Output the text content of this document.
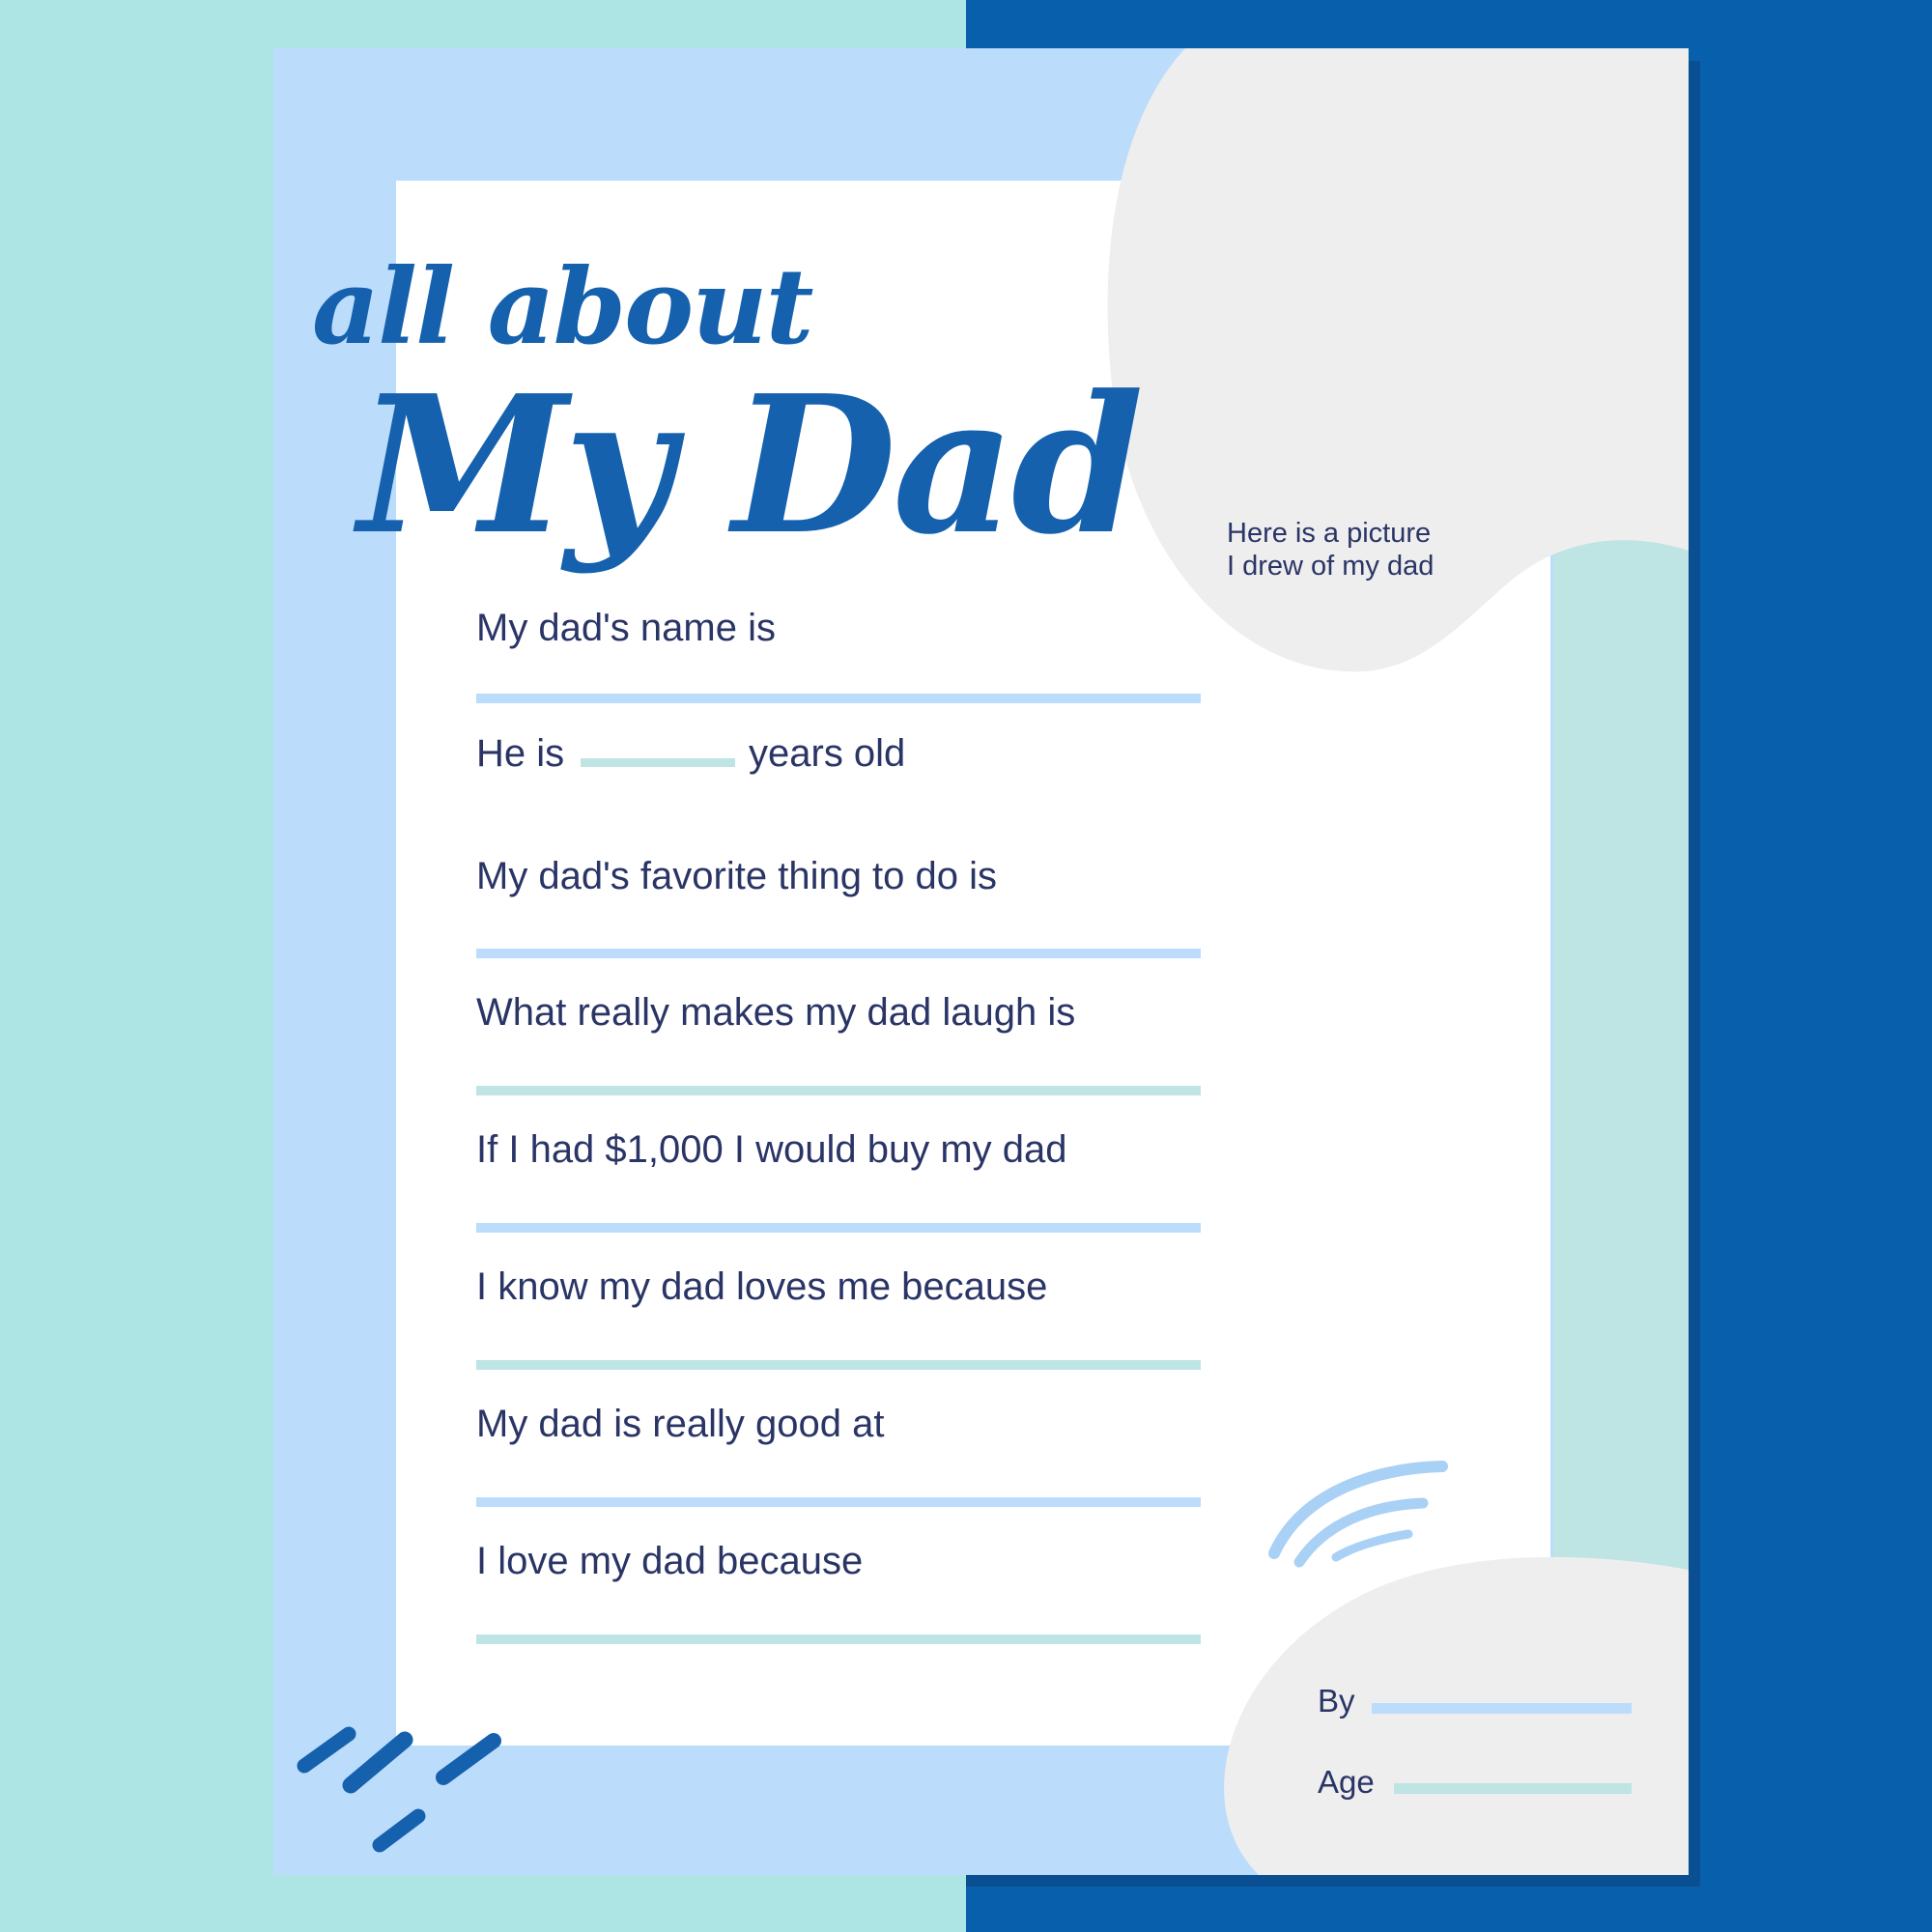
all about
My Dad	Here is a picture
I drew of my dad
My dad's name is
He is	years old
My dad's favorite thing to do is
What really makes my dad laugh is
If I had $1,000 I would buy my dad
I know my dad loves me because
My dad is really good at
I love my dad because
By
Age
